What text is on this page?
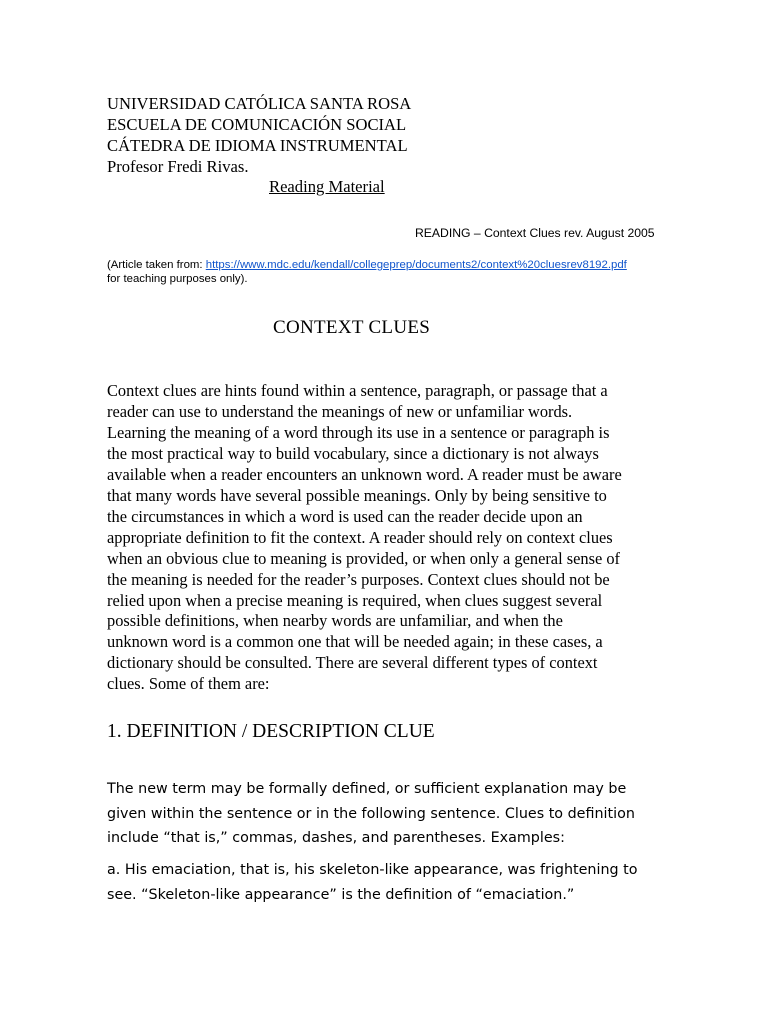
UNIVERSIDAD CATÓLICA SANTA ROSA
ESCUELA DE COMUNICACIÓN SOCIAL
CÁTEDRA DE IDIOMA INSTRUMENTAL
Profesor Fredi Rivas.
Reading Material
READING – Context Clues rev. August 2005
(Article taken from: https://www.mdc.edu/kendall/collegeprep/documents2/context%20cluesrev8192.pdf
for teaching purposes only).
CONTEXT CLUES
Context clues are hints found within a sentence, paragraph, or passage that a
reader can use to understand the meanings of new or unfamiliar words.
Learning the meaning of a word through its use in a sentence or paragraph is
the most practical way to build vocabulary, since a dictionary is not always
available when a reader encounters an unknown word. A reader must be aware
that many words have several possible meanings. Only by being sensitive to
the circumstances in which a word is used can the reader decide upon an
appropriate definition to fit the context. A reader should rely on context clues
when an obvious clue to meaning is provided, or when only a general sense of
the meaning is needed for the reader’s purposes. Context clues should not be
relied upon when a precise meaning is required, when clues suggest several
possible definitions, when nearby words are unfamiliar, and when the
unknown word is a common one that will be needed again; in these cases, a
dictionary should be consulted. There are several different types of context
clues. Some of them are:
1. DEFINITION / DESCRIPTION CLUE
The new term may be formally defined, or sufficient explanation may be
given within the sentence or in the following sentence. Clues to definition
include “that is,” commas, dashes, and parentheses. Examples:
a. His emaciation, that is, his skeleton-like appearance, was frightening to
see. “Skeleton-like appearance” is the definition of “emaciation.”
